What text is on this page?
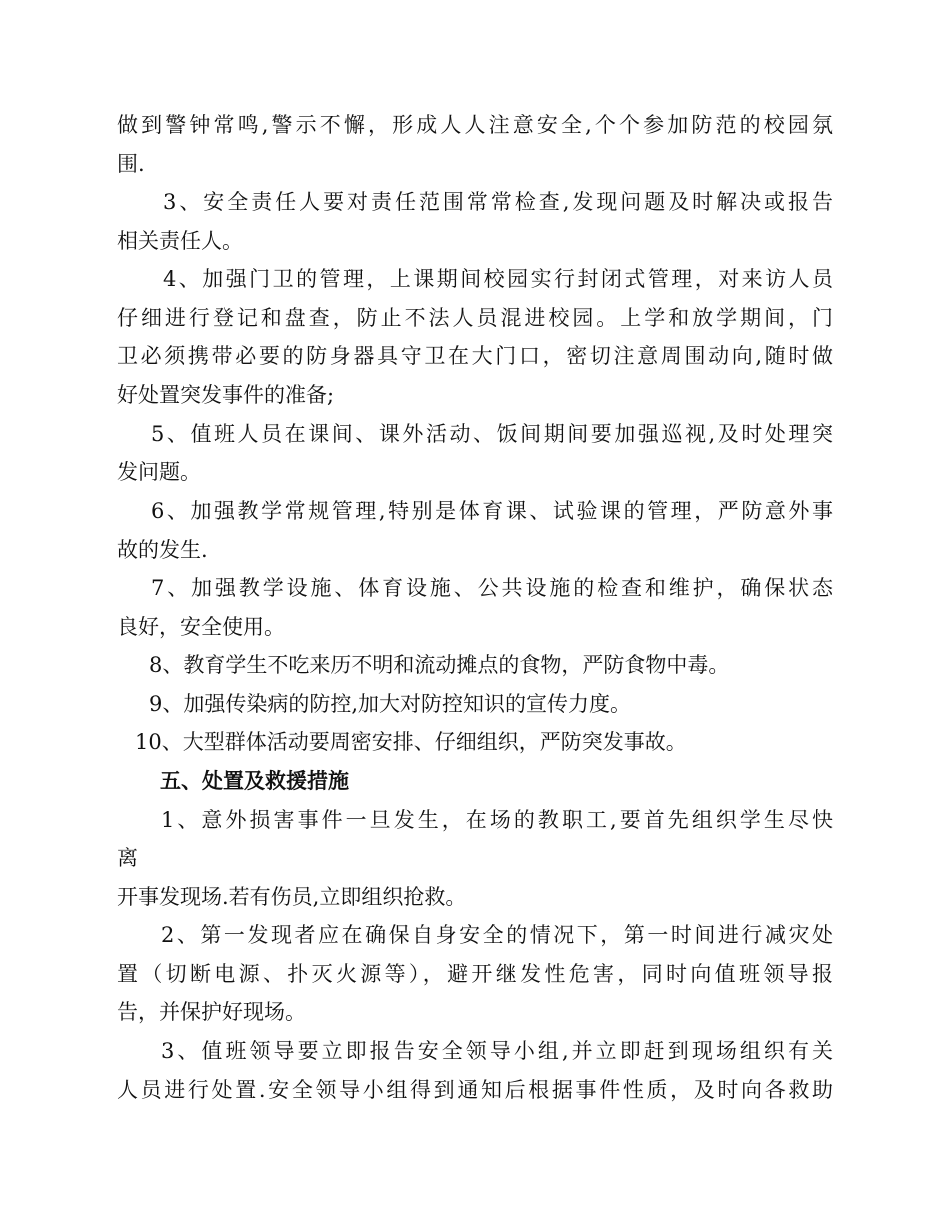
做到警钟常鸣,警示不懈，形成人人注意安全,个个参加防范的校园氛
围.
3、安全责任人要对责任范围常常检查,发现问题及时解决或报告
相关责任人。
4、加强门卫的管理，上课期间校园实行封闭式管理，对来访人员
仔细进行登记和盘查，防止不法人员混进校园。上学和放学期间，门
卫必须携带必要的防身器具守卫在大门口，密切注意周围动向,随时做
好处置突发事件的准备;
5、值班人员在课间、课外活动、饭间期间要加强巡视,及时处理突
发问题。
6、加强教学常规管理,特别是体育课、试验课的管理，严防意外事
故的发生.
7、加强教学设施、体育设施、公共设施的检查和维护，确保状态
良好，安全使用。
8、教育学生不吃来历不明和流动摊点的食物，严防食物中毒。
9、加强传染病的防控,加大对防控知识的宣传力度。
10、大型群体活动要周密安排、仔细组织，严防突发事故。
五、处置及救援措施
1、意外损害事件一旦发生，在场的教职工,要首先组织学生尽快
离
开事发现场.若有伤员,立即组织抢救。
2、第一发现者应在确保自身安全的情况下，第一时间进行减灾处
置（切断电源、扑灭火源等），避开继发性危害，同时向值班领导报
告，并保护好现场。
3、值班领导要立即报告安全领导小组,并立即赶到现场组织有关
人员进行处置.安全领导小组得到通知后根据事件性质，及时向各救助
